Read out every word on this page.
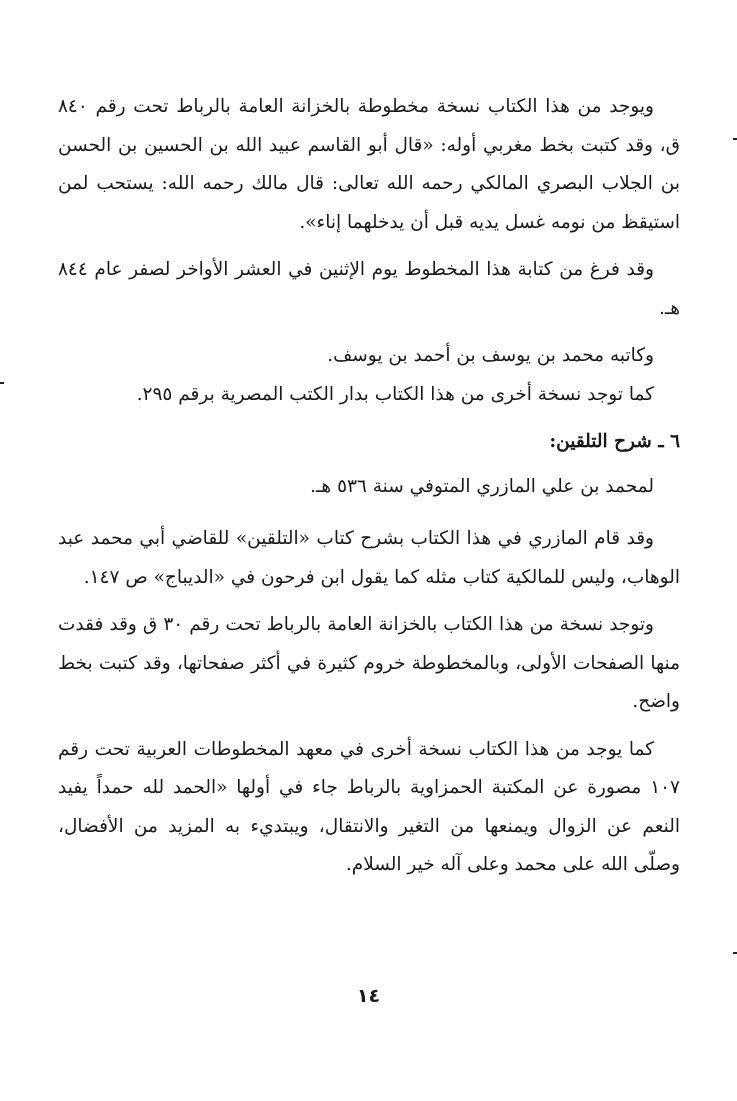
ويوجد من هذا الكتاب نسخة مخطوطة بالخزانة العامة بالرباط تحت رقم ٨٤٠ ق، وقد كتبت بخط مغربي أوله: «قال أبو القاسم عبيد الله بن الحسين بن الحسن بن الجلاب البصري المالكي رحمه الله تعالى: قال مالك رحمه الله: يستحب لمن استيقظ من نومه غسل يديه قبل أن يدخلهما إناء».

وقد فرغ من كتابة هذا المخطوط يوم الإثنين في العشر الأواخر لصفر عام ٨٤٤ هـ.

وكاتبه محمد بن يوسف بن أحمد بن يوسف.

كما توجد نسخة أخرى من هذا الكتاب بدار الكتب المصرية برقم ٢٩٥.

٦ ـ شرح التلقين:

لمحمد بن علي المازري المتوفي سنة ٥٣٦ هـ.

وقد قام المازري في هذا الكتاب بشرح كتاب «التلقين» للقاضي أبي محمد عبد الوهاب، وليس للمالكية كتاب مثله كما يقول ابن فرحون في «الديباج» ص ١٤٧.

وتوجد نسخة من هذا الكتاب بالخزانة العامة بالرباط تحت رقم ٣٠ ق وقد فقدت منها الصفحات الأولى، وبالمخطوطة خروم كثيرة في أكثر صفحاتها، وقد كتبت بخط واضح.

كما يوجد من هذا الكتاب نسخة أخرى في معهد المخطوطات العربية تحت رقم ١٠٧ مصورة عن المكتبة الحمزاوية بالرباط جاء في أولها «الحمد لله حمداً يفيد النعم عن الزوال ويمنعها من التغير والانتقال، ويبتديء به المزيد من الأفضال، وصلّى الله على محمد وعلى آله خير السلام.

١٤
